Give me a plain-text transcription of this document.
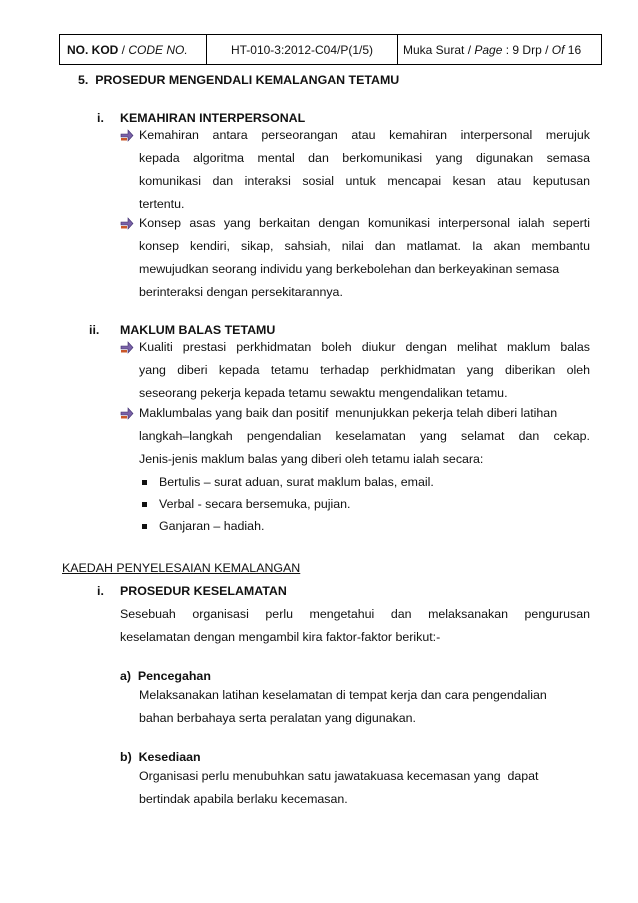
NO. KOD / CODE NO.	HT-010-3:2012-C04/P(1/5) Muka Surat / Page : 9 Drp / Of 16
5.  PROSEDUR MENGENDALI KEMALANGAN TETAMU
i. KEMAHIRAN INTERPERSONAL
Kemahiran antara perseorangan atau kemahiran interpersonal merujuk
kepada algoritma mental dan berkomunikasi yang digunakan semasa
komunikasi dan interaksi sosial untuk mencapai kesan atau keputusan
tertentu.
Konsep asas yang berkaitan dengan komunikasi interpersonal ialah seperti
konsep kendiri, sikap, sahsiah, nilai dan matlamat. Ia akan membantu
mewujudkan seorang individu yang berkebolehan dan berkeyakinan semasa
berinteraksi dengan persekitarannya.
ii. MAKLUM BALAS TETAMU
Kualiti prestasi perkhidmatan boleh diukur dengan melihat maklum balas
yang diberi kepada tetamu terhadap perkhidmatan yang diberikan oleh
seseorang pekerja kepada tetamu sewaktu mengendalikan tetamu.
Maklumbalas yang baik dan positif  menunjukkan pekerja telah diberi latihan
langkah–langkah pengendalian keselamatan yang selamat dan cekap.
Jenis-jenis maklum balas yang diberi oleh tetamu ialah secara:
Bertulis – surat aduan, surat maklum balas, email.
Verbal - secara bersemuka, pujian.
Ganjaran – hadiah.
KAEDAH PENYELESAIAN KEMALANGAN
i. PROSEDUR KESELAMATAN
Sesebuah organisasi perlu mengetahui dan melaksanakan pengurusan
keselamatan dengan mengambil kira faktor-faktor berikut:-
a)  Pencegahan
Melaksanakan latihan keselamatan di tempat kerja dan cara pengendalian
bahan berbahaya serta peralatan yang digunakan.
b)  Kesediaan
Organisasi perlu menubuhkan satu jawatakuasa kecemasan yang  dapat
bertindak apabila berlaku kecemasan.
